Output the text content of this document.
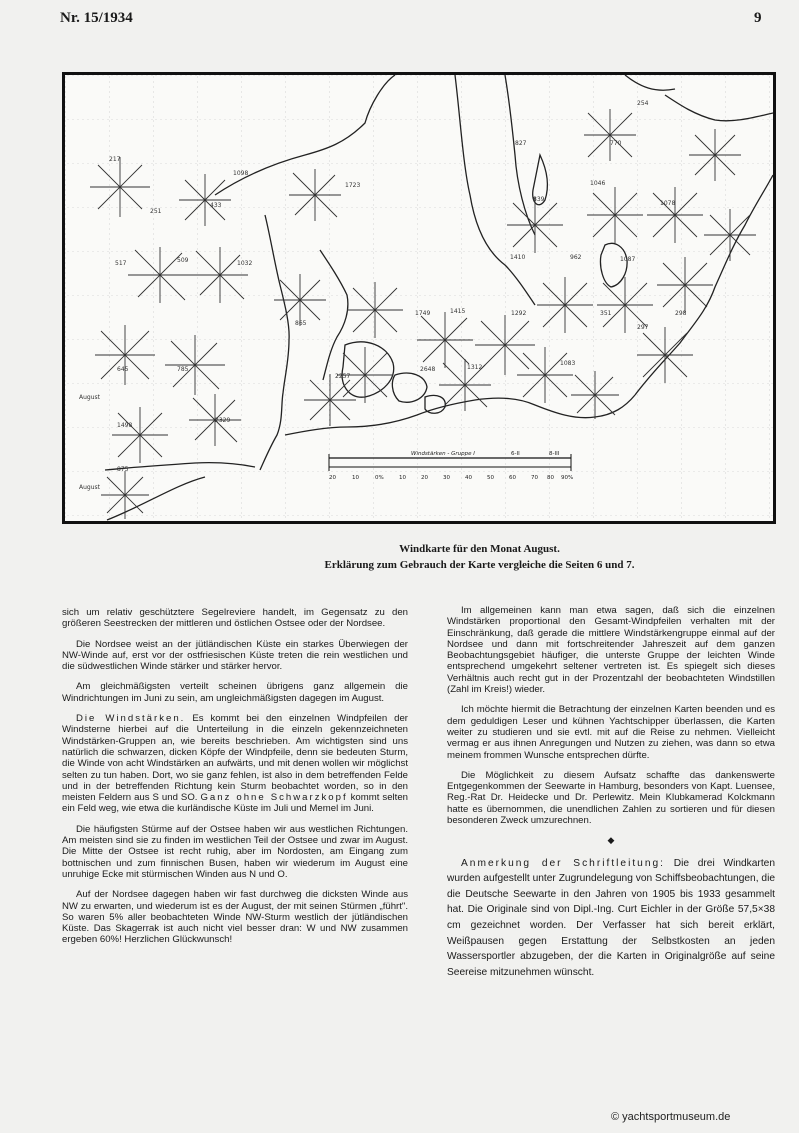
Nr. 15/1934	9
217
1098
1723
433
251
517	509	1032
1749	1415	1292
2648	1312
1083
865
645	785
2257
2329
1498
875
770
827
839
1410	962	1087
351
297
298
1078
1046
254
August
August
Windstärken - Gruppe I	6-II	8-III
20	10	0%	10	20	30	40	50	60	70 80 90%
Windkarte für den Monat August.
Erklärung zum Gebrauch der Karte vergleiche die Seiten 6 und 7.

sich um relativ geschütztere Segelreviere handelt, im Gegensatz zu den größeren Seestrecken der mittleren und östlichen Ostsee oder der Nordsee.

Die Nordsee weist an der jütländischen Küste ein starkes Überwiegen der NW-Winde auf, erst vor der ostfriesischen Küste treten die rein westlichen und die südwestlichen Winde stärker und stärker hervor.

Am gleichmäßigsten verteilt scheinen übrigens ganz allgemein die Windrichtungen im Juni zu sein, am ungleichmäßigsten dagegen im August.

Die Windstärken. Es kommt bei den einzelnen Windpfeilen der Windsterne hierbei auf die Unterteilung in die einzeln gekennzeichneten Windstärken-Gruppen an, wie bereits beschrieben. Am wichtigsten sind uns natürlich die schwarzen, dicken Köpfe der Windpfeile, denn sie bedeuten Sturm, die Winde von acht Windstärken an aufwärts, und mit denen wollen wir möglichst selten zu tun haben. Dort, wo sie ganz fehlen, ist also in dem betreffenden Felde und in der betreffenden Richtung kein Sturm beobachtet worden, so in den meisten Feldern aus S und SO. Ganz ohne Schwarzkopf kommt selten ein Feld weg, wie etwa die kurländische Küste im Juli und Memel im Juni.

Die häufigsten Stürme auf der Ostsee haben wir aus westlichen Richtungen. Am meisten sind sie zu finden im westlichen Teil der Ostsee und zwar im August. Die Mitte der Ostsee ist recht ruhig, aber im Nordosten, am Eingang zum bottnischen und zum finnischen Busen, haben wir wiederum im August eine unruhige Ecke mit stürmischen Winden aus N und O.

Auf der Nordsee dagegen haben wir fast durchweg die dicksten Winde aus NW zu erwarten, und wiederum ist es der August, der mit seinen Stürmen „führt". So waren 5% aller beobachteten Winde NW-Sturm westlich der jütländischen Küste. Das Skagerrak ist auch nicht viel besser dran: W und NW zusammen ergeben 60%! Herzlichen Glückwunsch!

Im allgemeinen kann man etwa sagen, daß sich die einzelnen Windstärken proportional den Gesamt-Windpfeilen verhalten mit der Einschränkung, daß gerade die mittlere Windstärkengruppe einmal auf der Nordsee und dann mit fortschreitender Jahreszeit auf dem ganzen Beobachtungsgebiet häufiger, die unterste Gruppe der leichten Winde entsprechend umgekehrt seltener vertreten ist. Es spiegelt sich dieses Verhältnis auch recht gut in der Prozentzahl der beobachteten Windstillen (Zahl im Kreis!) wieder.

Ich möchte hiermit die Betrachtung der einzelnen Karten beenden und es dem geduldigen Leser und kühnen Yachtschipper überlassen, die Karten weiter zu studieren und sie evtl. mit auf die Reise zu nehmen. Vielleicht vermag er aus ihnen Anregungen und Nutzen zu ziehen, was dann so etwa meinem frommen Wunsche entsprechen dürfte.

Die Möglichkeit zu diesem Aufsatz schaffte das dankenswerte Entgegenkommen der Seewarte in Hamburg, besonders von Kapt. Luensee, Reg.-Rat Dr. Heidecke und Dr. Perlewitz. Mein Klubkamerad Kolckmann hatte es übernommen, die unendlichen Zahlen zu sortieren und für diesen besonderen Zweck umzurechnen.

◆

Anmerkung der Schriftleitung: Die drei Windkarten wurden aufgestellt unter Zugrundelegung von Schiffsbeobachtungen, die die Deutsche Seewarte in den Jahren von 1905 bis 1933 gesammelt hat. Die Originale sind von Dipl.-Ing. Curt Eichler in der Größe 57,5×38 cm gezeichnet worden. Der Verfasser hat sich bereit erklärt, Weißpausen gegen Erstattung der Selbstkosten an jeden Wassersportler abzugeben, der die Karten in Originalgröße auf seine Seereise mitzunehmen wünscht.

© yachtsportmuseum.de
